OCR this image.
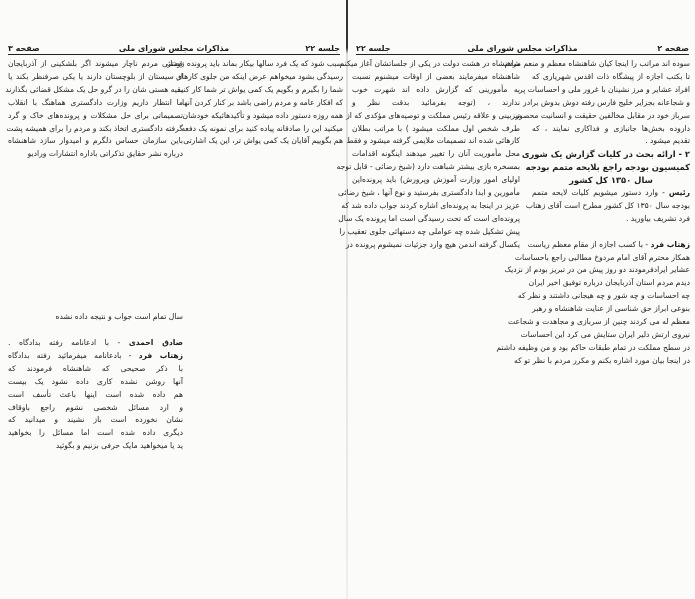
صفحه ۳	مذاکرات مجلس شورای ملی	جلسه ۲۲
سبب شود که یک فرد سالها بیکار بماند باید پرونده زودتر
رسیدگی بشود میخواهم عرض اینکه من جلوی کارهای
شما را بگیرم و بگویم یک کمی یواش تر شما کار کنید
که افکار عامه و مردم راضی باشد بر کنار کردن آنها
همه روزه دستور داده میشود و تأکیدهائیکه خودشان
میکنید این را صادقانه پیاده کنید برای نمونه یک دفعه
هم بگوییم آقایان یک کمی یواش تر، این یک اشارتی
قضائی مردم ناچار میشوند اگر بلشکینی از آذربایجان
از سیستان از بلوچستان دارند یا یکی صرفنظر بکند یا
بقیه هستی شان را در گرو حل یک مشکل قضائی بگذارند
ما انتظار داریم وزارت دادگستری هماهنگ با انقلاب
تصمیماتی برای حل مشکلات و پرونده‌های خاک و گرد
گرفته دادگستری اتخاذ بکند و مردم را برای همیشه پشت
باین سازمان حساس دلگرم و امیدوار سازد شاهنشاه
درباره نشر حقایق تذکراتی باداره انتشارات ورادیو
سال تمام است جواب و نتیجه داده نشده
صادق احمدی - با ادعانامه رفته بدادگاه .
زهتاب فرد - بادعانامه میفرمائید رفته بدادگاه
با ذکر صحیحی که شاهنشاه فرمودند که
آنها روشن نشده کاری داده نشود یک بیست
هم داده شده است اینها باعث تأسف است
و ارد مسائل شخصی نشوم راجع باوقاف
نشان نخورده است باز نشیند و میدانید که
دیگری داده شده است اما مسائل را بخواهید
ید یا میخواهید مایک حرفی بزنیم و بگوئید
صفحه ۲
مذاکرات مجلس شورای ملی
جلسه ۲۲
شاهنشاه در هشت دولت در یکی از جلساتشان آغاز میکنم
شاهنشاه میفرمایند بعضی از اوقات میشنوم نسبت
به مأمورینی که گزارش داده اند شهرت خوب
ندارند ، (توجه بفرمائید بدقت نظر و
تیزبینی و علاقه رئیس مملکت و توصیه‌های مؤکدی که از
طرف شخص اول مملکت میشود ) با مراتب بطلان
کارهائی شده اند تصمیمات ملایمی گرفته میشود و فقط
محل مأموریت آنان را تغییر میدهند اینگونه اقدامات
بمسخره بازی بیشتر شباهت دارد (شیخ رضائی - قابل توجه
اولیای امور وزارت آموزش وپرورش) باید پرونده‌این
مأمورین و ابدا دادگستری بفرستید و نوع آنها ، شیخ رضائی
عزیز در اینجا به پرونده‌ای اشاره کردند جواب داده شد که
پرونده‌ای است که تحت رسیدگی است اما پرونده یک سال
پیش تشکیل شده چه عواملی چه دستهائی جلوی تعقیب را
یکسال گرفته اندمن هیچ وارد جزئیات نمیشوم پرونده در
سوده اند مراتب را اینجا کیان شاهنشاه معظم و منعم مردم
تا بکتب اجازه از پیشگاه ذات اقدس شهریاری که
افراد عشایر و مرز نشینان با غرور ملی و احساسات پر
و شجاعانه بجزایر خلیج فارس رفته دوش بدوش برادر
سرباز خود در مقابل مخالفین حقیقت و انسانیت محصور
داروده بخش‌ها جانبازی و فداکاری نمایند ، که
تقدیم میشود .
۲ - ارائه بحث در کلیات گزارش یک شوری
کمیسیون بودجه راجع بلایحه متمم بودجه
سال ۱۳۵۰ کل کشور
رئیس - وارد دستور میشویم کلیات لایحه متمم
بودجه سال ۱۳۵۰ کل کشور مطرح است آقای زهتاب
فرد تشریف بیاورید .
زهتاب فرد - با کسب اجازه از مقام معظم ریاست
همکار محترم آقای امام مردوخ مطالبی راجع باحساسات
عشایر ایرادفرمودند دو روز پیش من در تبریز بودم از نزدیک
دیدم مردم استان آذربایجان درباره توفیق اخیر ایران
چه احساسات و چه شور و چه هیجانی داشتند و نظر که
بنوعی ابراز حق شناسی از عنایت شاهنشاه و رهبر
معظم له می کردند چنین از سربازی و مجاهدت و شجاعت
نیروی ارتش دلیر ایران ستایش می کرد این احساسات
در سطح مملکت در تمام طبقات حاکم بود و من وظیفه داشتم
در اینجا بیان مورد اشاره بکنم و مکرر مردم با نظر تو که
